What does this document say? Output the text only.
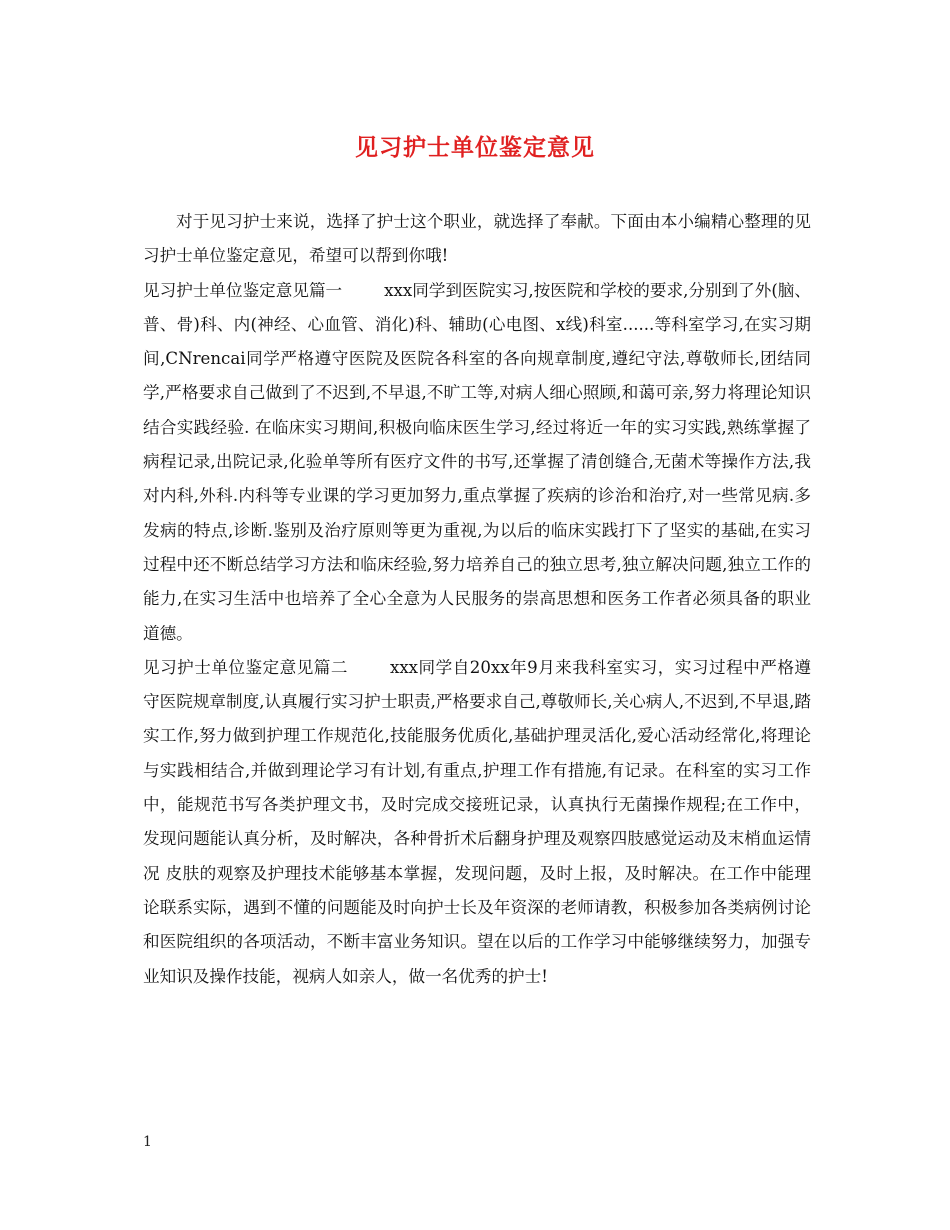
见习护士单位鉴定意见

对于见习护士来说，选择了护士这个职业，就选择了奉献。下面由本小编精心整理的见习护士单位鉴定意见，希望可以帮到你哦!

见习护士单位鉴定意见篇一	xxx同学到医院实习,按医院和学校的要求,分别到了外(脑、普、骨)科、内(神经、心血管、消化)科、辅助(心电图、x线)科室......等科室学习,在实习期间,CNrencai同学严格遵守医院及医院各科室的各向规章制度,遵纪守法,尊敬师长,团结同学,严格要求自己做到了不迟到,不早退,不旷工等,对病人细心照顾,和蔼可亲,努力将理论知识结合实践经验. 在临床实习期间,积极向临床医生学习,经过将近一年的实习实践,熟练掌握了病程记录,出院记录,化验单等所有医疗文件的书写,还掌握了清创缝合,无菌术等操作方法,我对内科,外科.内科等专业课的学习更加努力,重点掌握了疾病的诊治和治疗,对一些常见病.多发病的特点,诊断.鉴别及治疗原则等更为重视,为以后的临床实践打下了坚实的基础,在实习过程中还不断总结学习方法和临床经验,努力培养自己的独立思考,独立解决问题,独立工作的能力,在实习生活中也培养了全心全意为人民服务的崇高思想和医务工作者必须具备的职业道德。

见习护士单位鉴定意见篇二	xxx同学自20xx年9月来我科室实习，实习过程中严格遵守医院规章制度,认真履行实习护士职责,严格要求自己,尊敬师长,关心病人,不迟到,不早退,踏实工作,努力做到护理工作规范化,技能服务优质化,基础护理灵活化,爱心活动经常化,将理论与实践相结合,并做到理论学习有计划,有重点,护理工作有措施,有记录。在科室的实习工作中，能规范书写各类护理文书，及时完成交接班记录，认真执行无菌操作规程;在工作中，发现问题能认真分析，及时解决，各种骨折术后翻身护理及观察四肢感觉运动及末梢血运情况 皮肤的观察及护理技术能够基本掌握，发现问题，及时上报，及时解决。在工作中能理论联系实际，遇到不懂的问题能及时向护士长及年资深的老师请教，积极参加各类病例讨论和医院组织的各项活动，不断丰富业务知识。望在以后的工作学习中能够继续努力，加强专业知识及操作技能，视病人如亲人，做一名优秀的护士!

1
